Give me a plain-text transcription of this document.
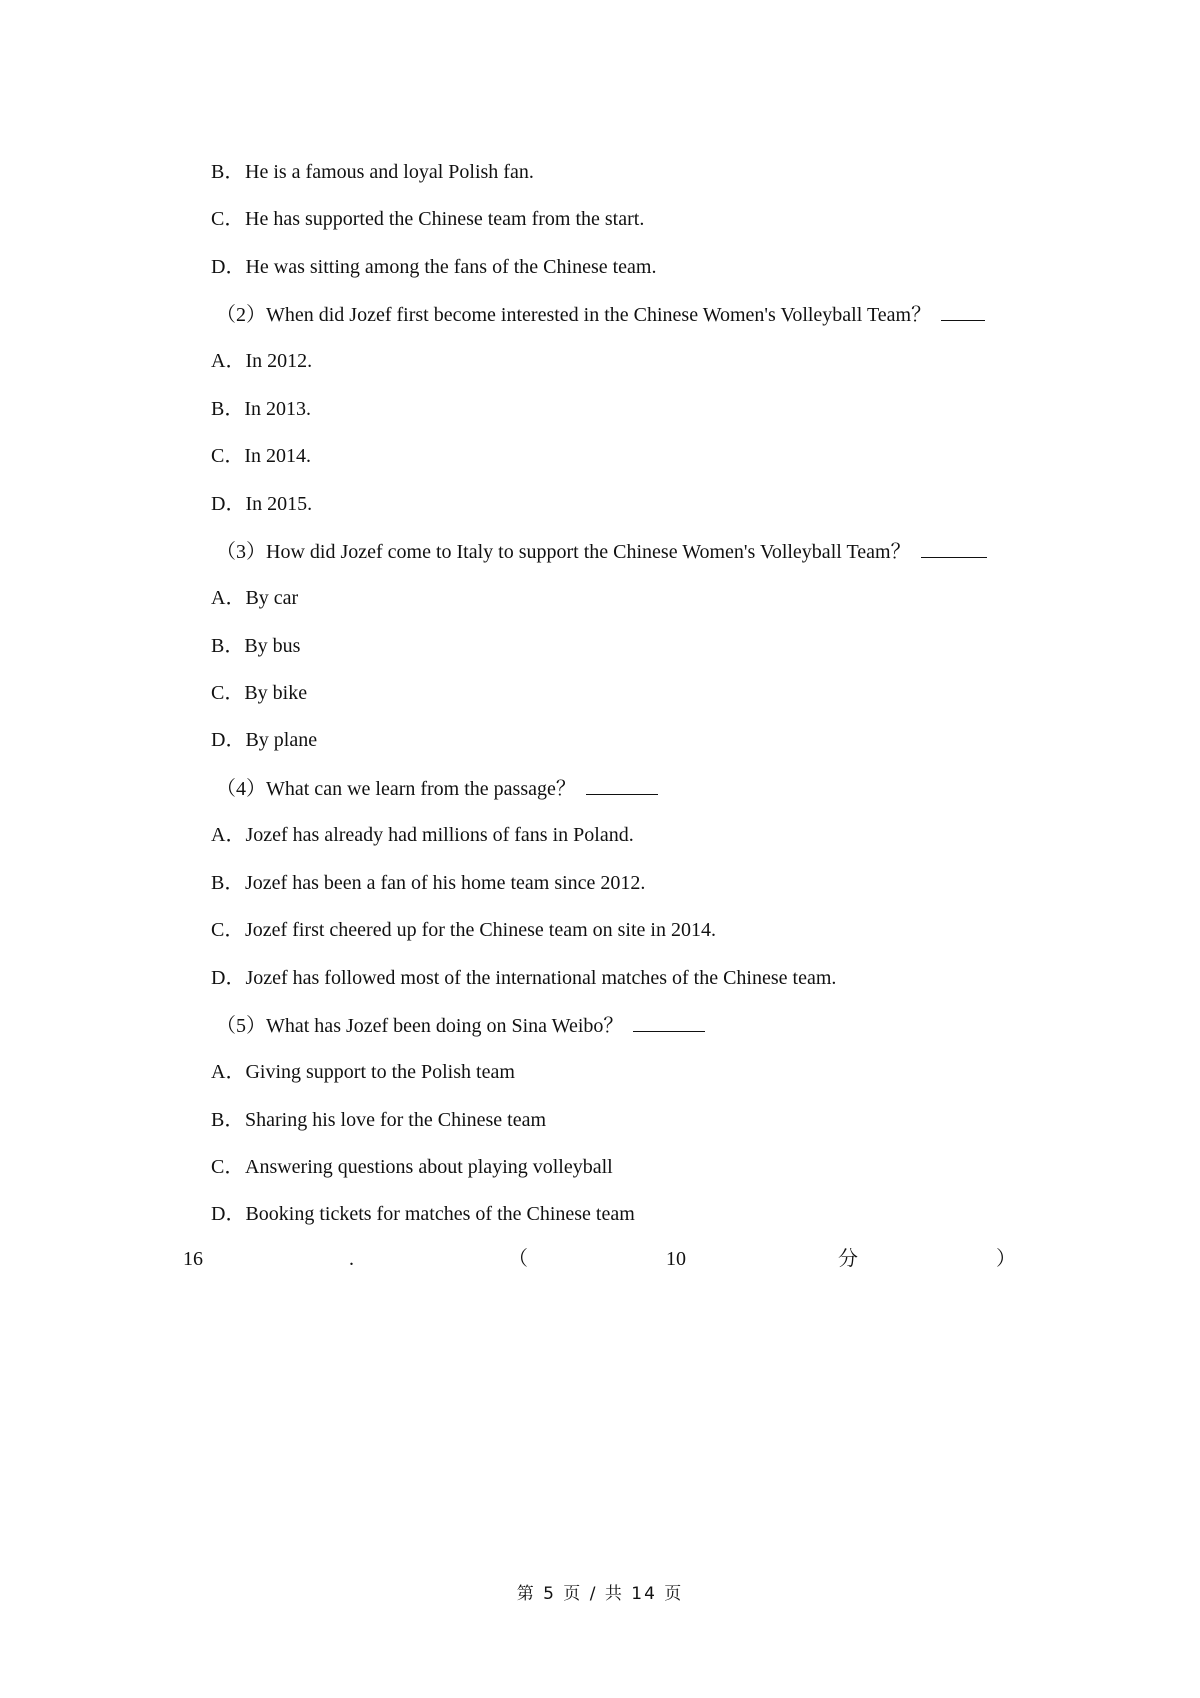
B．He is a famous and loyal Polish fan.
C．He has supported the Chinese team from the start.
D．He was sitting among the fans of the Chinese team.
（2）When did Jozef first become interested in the Chinese Women's Volleyball Team？
A．In 2012.
B．In 2013.
C．In 2014.
D．In 2015.
（3）How did Jozef come to Italy to support the Chinese Women's Volleyball Team？
A．By car
B．By bus
C．By bike
D．By plane
（4）What can we learn from the passage？
A．Jozef has already had millions of fans in Poland.
B．Jozef has been a fan of his home team since 2012.
C．Jozef first cheered up for the Chinese team on site in 2014.
D．Jozef has followed most of the international matches of the Chinese team.
（5）What has Jozef been doing on Sina Weibo？
A．Giving support to the Polish team
B．Sharing his love for the Chinese team
C．Answering questions about playing volleyball
D．Booking tickets for matches of the Chinese team
16	.	（	10	分	）
第 5 页 / 共 14 页
